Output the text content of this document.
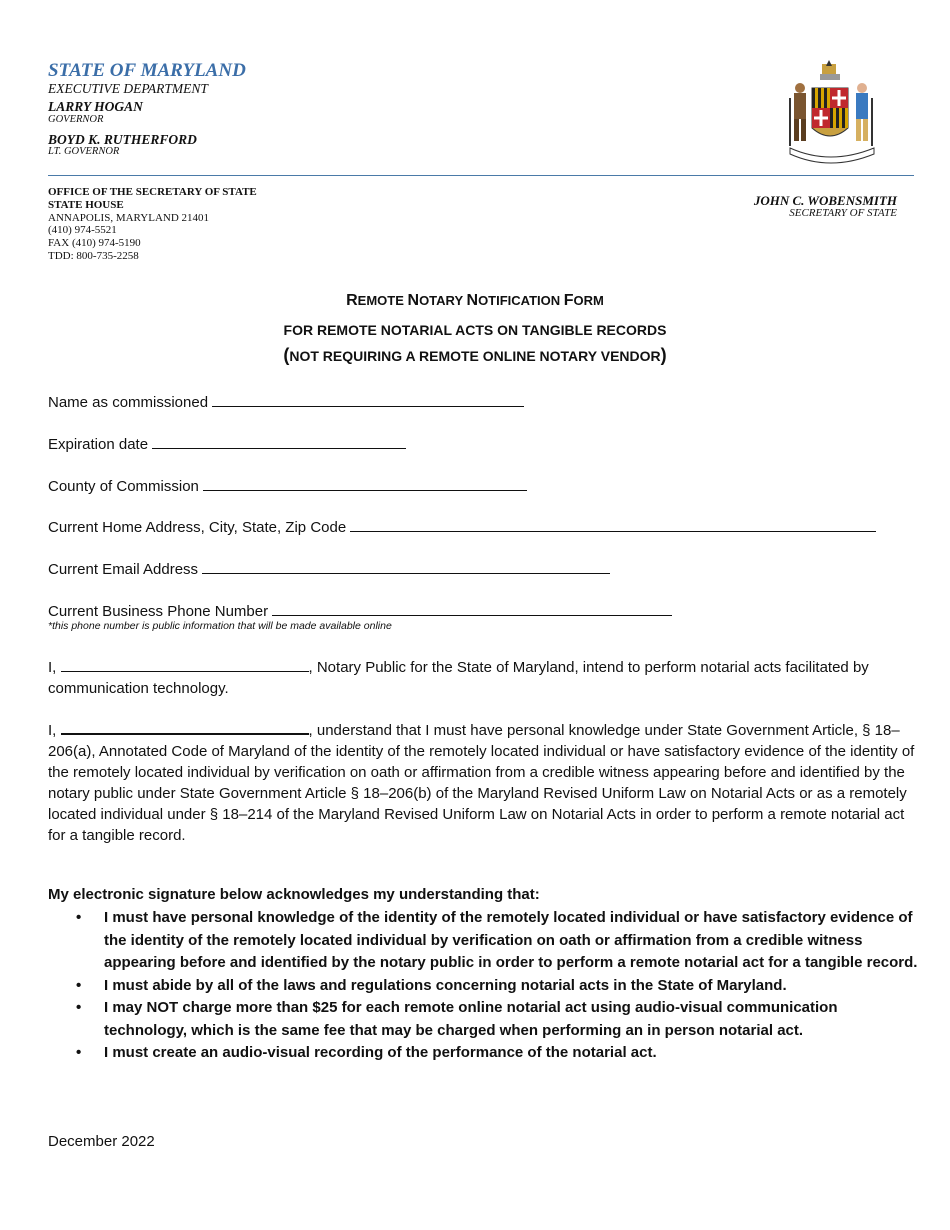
STATE OF MARYLAND
EXECUTIVE DEPARTMENT
LARRY HOGAN
GOVERNOR
BOYD K. RUTHERFORD
LT. GOVERNOR
OFFICE OF THE SECRETARY OF STATE
STATE HOUSE
ANNAPOLIS, MARYLAND 21401
(410) 974-5521
FAX (410) 974-5190
TDD: 800-735-2258
JOHN C. WOBENSMITH
SECRETARY OF STATE
REMOTE NOTARY NOTIFICATION FORM
FOR REMOTE NOTARIAL ACTS ON TANGIBLE RECORDS
(NOT REQUIRING A REMOTE ONLINE NOTARY VENDOR)
Name as commissioned
Expiration date
County of Commission
Current Home Address, City, State, Zip Code
Current Email Address
Current Business Phone Number
*this phone number is public information that will be made available online
I,	, Notary Public for the State of Maryland, intend to perform notarial acts facilitated by communication technology.
I,	, understand that I must have personal knowledge under State Government Article, § 18–206(a), Annotated Code of Maryland of the identity of the remotely located individual or have satisfactory evidence of the identity of the remotely located individual by verification on oath or affirmation from a credible witness appearing before and identified by the notary public under State Government Article § 18–206(b) of the Maryland Revised Uniform Law on Notarial Acts or as a remotely located individual under § 18–214 of the Maryland Revised Uniform Law on Notarial Acts in order to perform a remote notarial act for a tangible record.
My electronic signature below acknowledges my understanding that:
• I must have personal knowledge of the identity of the remotely located individual or have satisfactory evidence of the identity of the remotely located individual by verification on oath or affirmation from a credible witness appearing before and identified by the notary public in order to perform a remote notarial act for a tangible record.
• I must abide by all of the laws and regulations concerning notarial acts in the State of Maryland.
• I may NOT charge more than $25 for each remote online notarial act using audio-visual communication technology, which is the same fee that may be charged when performing an in person notarial act.
• I must create an audio-visual recording of the performance of the notarial act.
December 2022
